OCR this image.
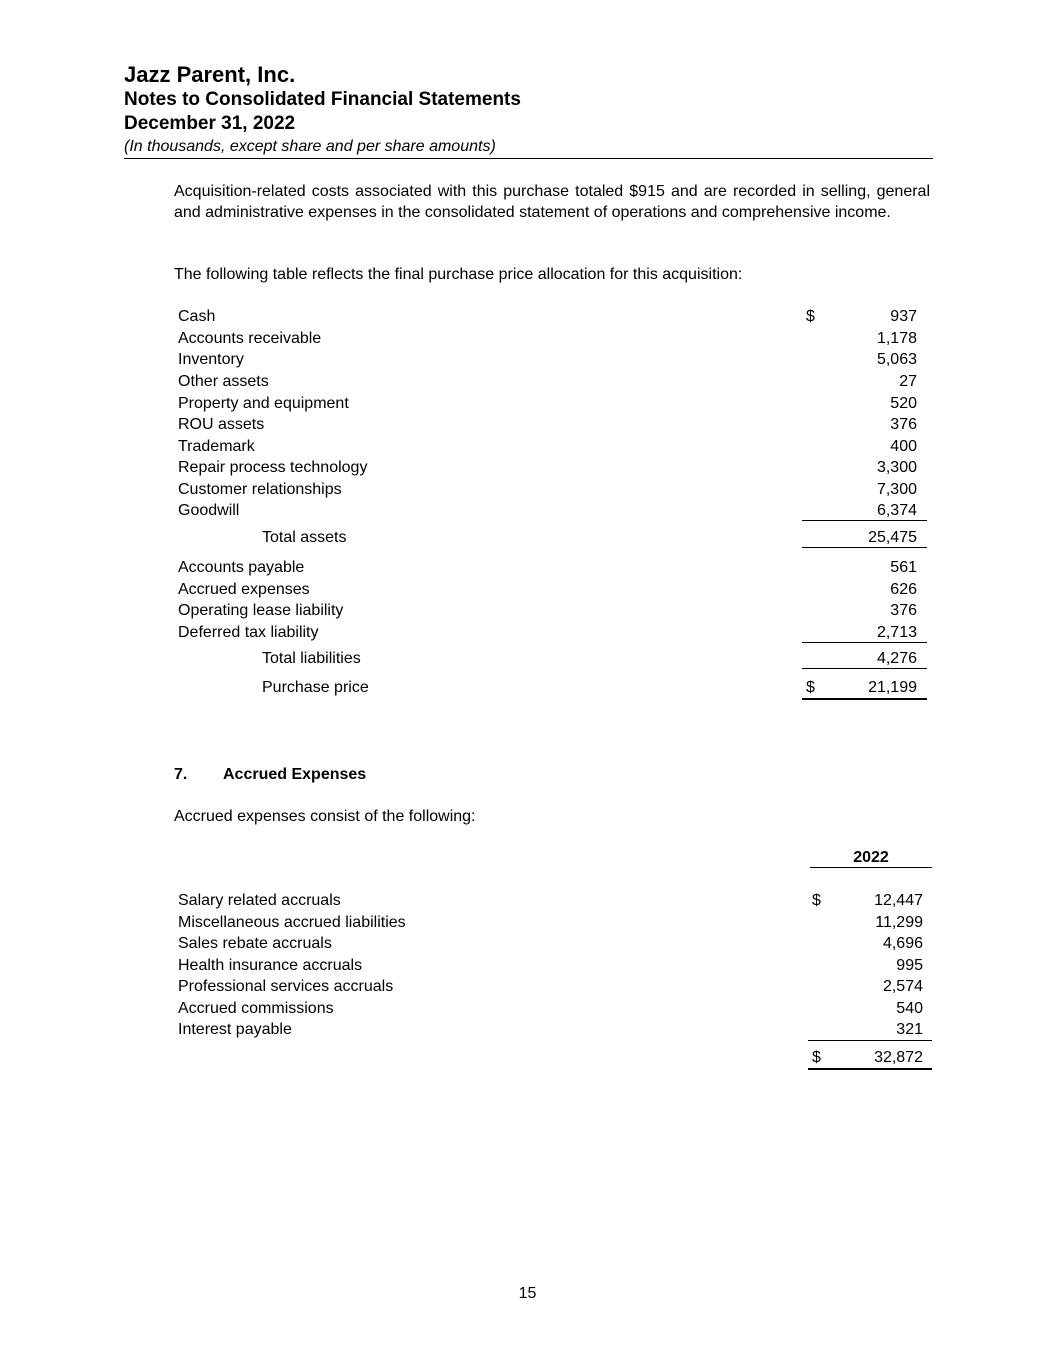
Jazz Parent, Inc.
Notes to Consolidated Financial Statements
December 31, 2022
(In thousands, except share and per share amounts)
Acquisition-related costs associated with this purchase totaled $915 and are recorded in selling, general and administrative expenses in the consolidated statement of operations and comprehensive income.
The following table reflects the final purchase price allocation for this acquisition:
Cash	$	937
Accounts receivable	1,178
Inventory	5,063
Other assets	27
Property and equipment	520
ROU assets	376
Trademark	400
Repair process technology	3,300
Customer relationships	7,300
Goodwill	6,374
Total assets	25,475
Accounts payable	561
Accrued expenses	626
Operating lease liability	376
Deferred tax liability	2,713
Total liabilities	4,276
Purchase price	$	21,199
7. Accrued Expenses
Accrued expenses consist of the following:
2022
Salary related accruals	$	12,447
Miscellaneous accrued liabilities	11,299
Sales rebate accruals	4,696
Health insurance accruals	995
Professional services accruals	2,574
Accrued commissions	540
Interest payable	321
$	32,872
15
